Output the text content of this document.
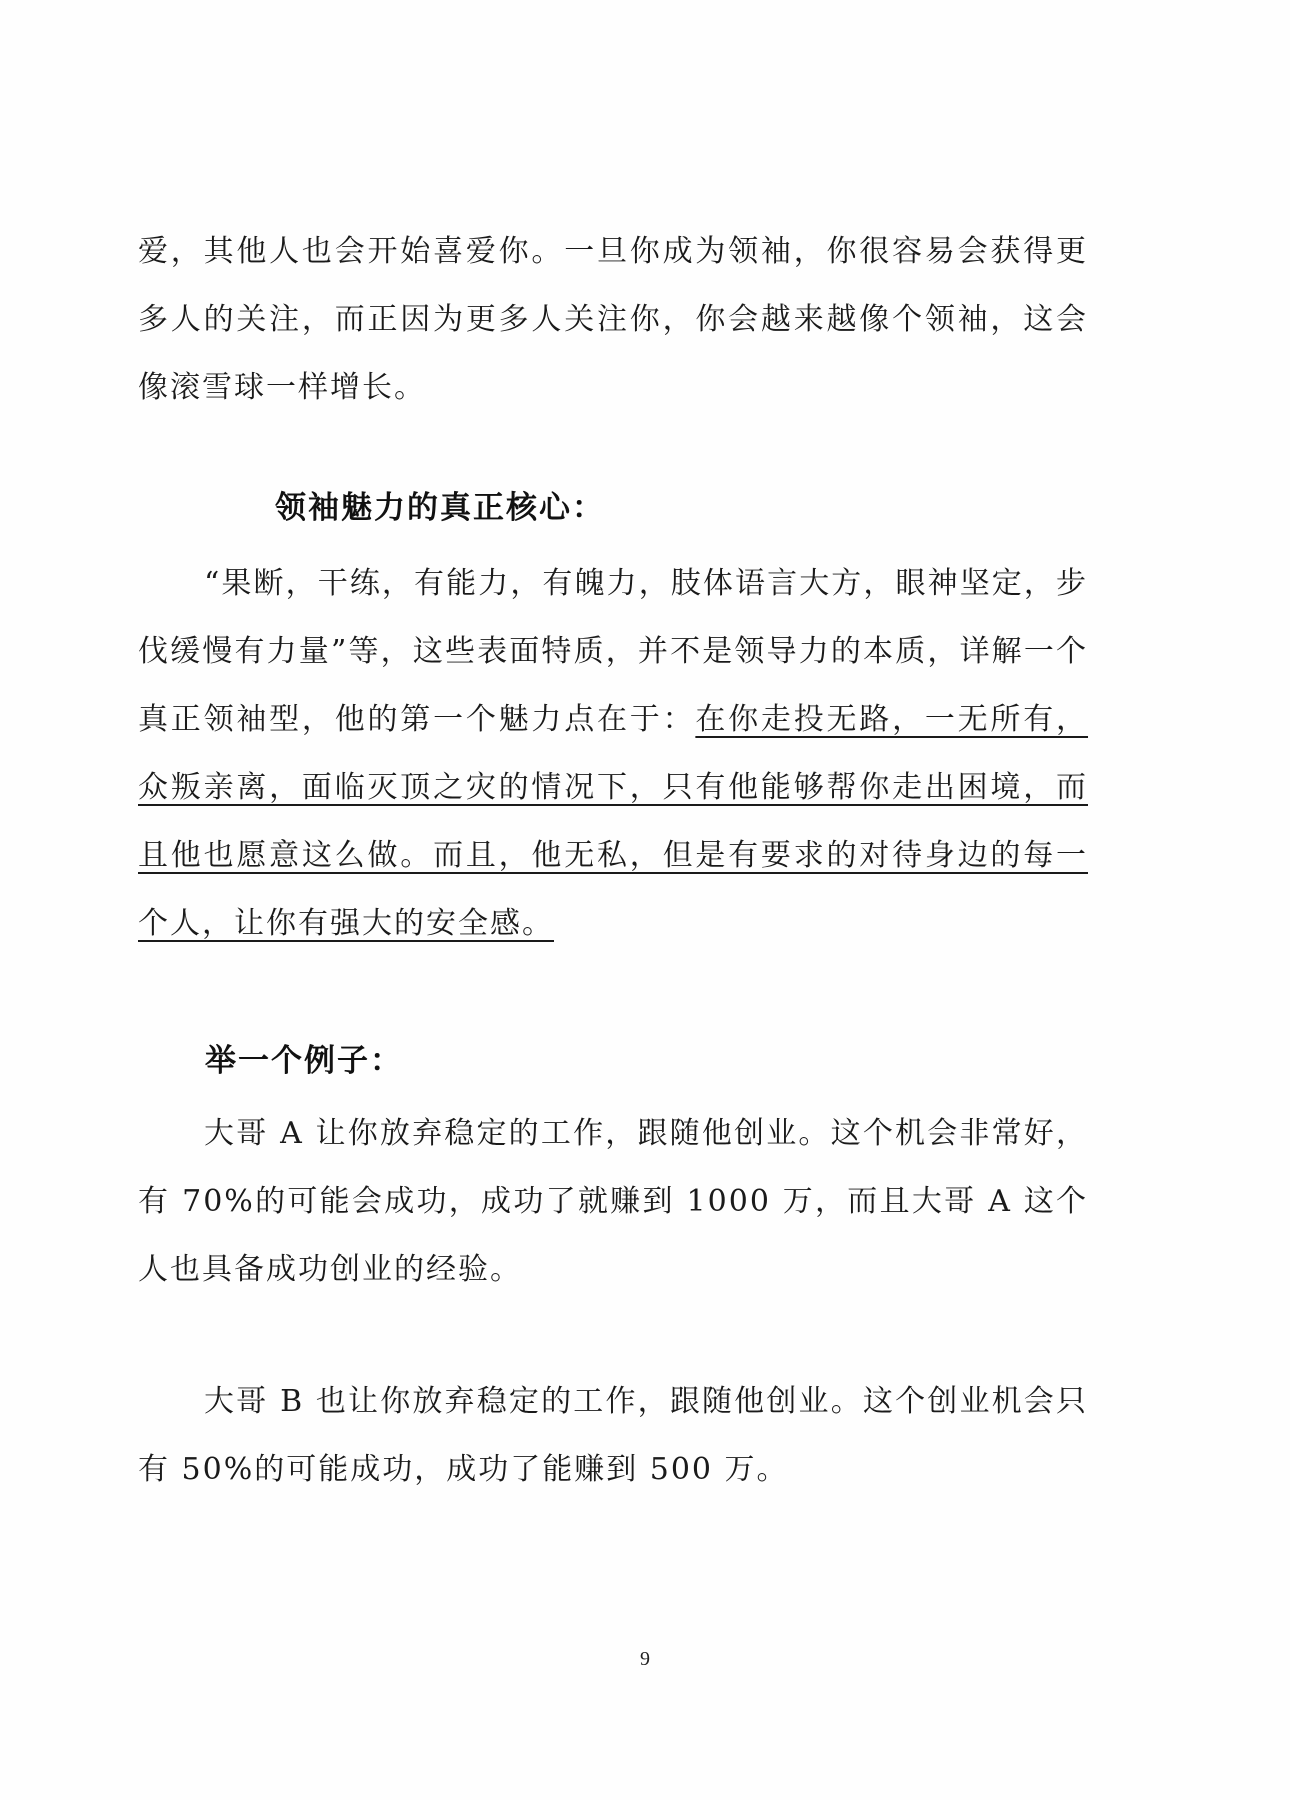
爱，其他人也会开始喜爱你。一旦你成为领袖，你很容易会获得更多人的关注，而正因为更多人关注你，你会越来越像个领袖，这会像滚雪球一样增长。

领袖魅力的真正核心：

“果断，干练，有能力，有魄力，肢体语言大方，眼神坚定，步伐缓慢有力量”等，这些表面特质，并不是领导力的本质，详解一个真正领袖型，他的第一个魅力点在于：在你走投无路，一无所有，众叛亲离，面临灭顶之灾的情况下，只有他能够帮你走出困境，而且他也愿意这么做。而且，他无私，但是有要求的对待身边的每一个人，让你有强大的安全感。

举一个例子：

大哥 A 让你放弃稳定的工作，跟随他创业。这个机会非常好，有 70%的可能会成功，成功了就赚到 1000 万，而且大哥 A 这个人也具备成功创业的经验。

大哥 B 也让你放弃稳定的工作，跟随他创业。这个创业机会只有 50%的可能成功，成功了能赚到 500 万。

9
